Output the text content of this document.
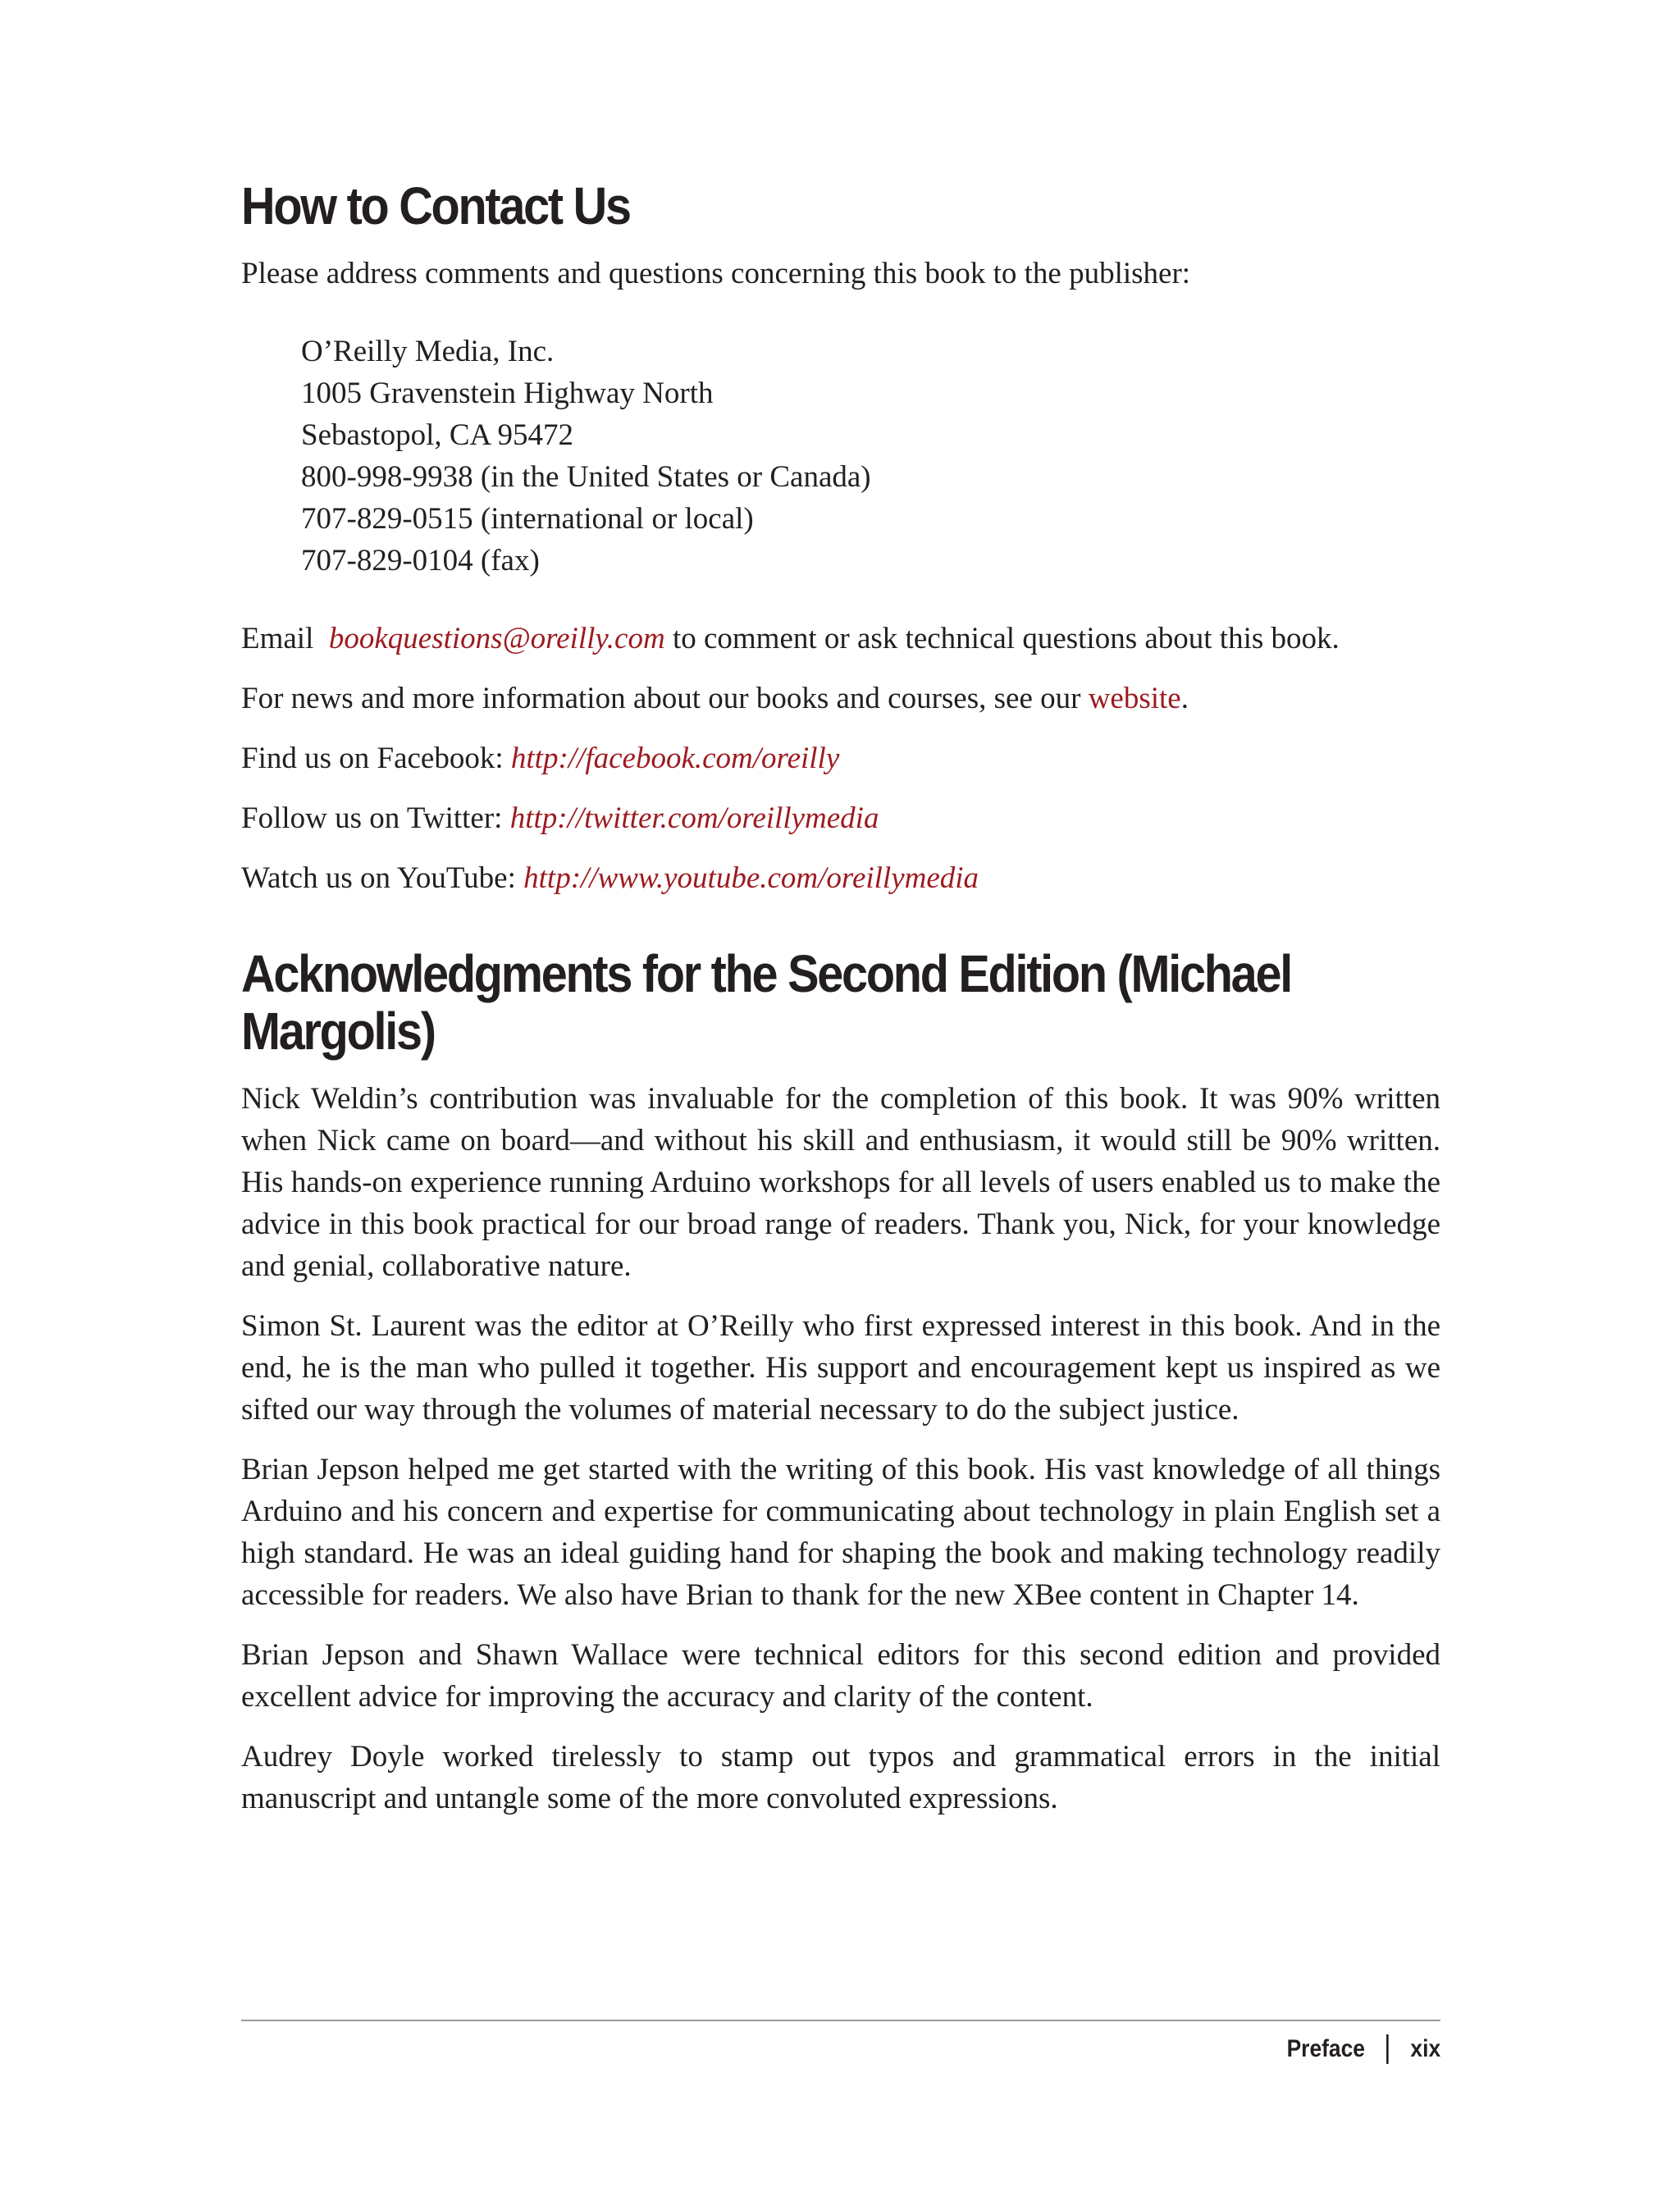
How to Contact Us

Please address comments and questions concerning this book to the publisher:

O’Reilly Media, Inc.
1005 Gravenstein Highway North
Sebastopol, CA 95472
800-998-9938 (in the United States or Canada)
707-829-0515 (international or local)
707-829-0104 (fax)

Email bookquestions@oreilly.com to comment or ask technical questions about this book.

For news and more information about our books and courses, see our website.

Find us on Facebook: http://facebook.com/oreilly

Follow us on Twitter: http://twitter.com/oreillymedia

Watch us on YouTube: http://www.youtube.com/oreillymedia

Acknowledgments for the Second Edition (Michael Margolis)

Nick Weldin’s contribution was invaluable for the completion of this book. It was 90% written when Nick came on board—and without his skill and enthusiasm, it would still be 90% written. His hands-on experience running Arduino workshops for all levels of users enabled us to make the advice in this book practical for our broad range of readers. Thank you, Nick, for your knowledge and genial, collaborative nature.

Simon St. Laurent was the editor at O’Reilly who first expressed interest in this book. And in the end, he is the man who pulled it together. His support and encouragement kept us inspired as we sifted our way through the volumes of material necessary to do the subject justice.

Brian Jepson helped me get started with the writing of this book. His vast knowledge of all things Arduino and his concern and expertise for communicating about technology in plain English set a high standard. He was an ideal guiding hand for shaping the book and making technology readily accessible for readers. We also have Brian to thank for the new XBee content in Chapter 14.

Brian Jepson and Shawn Wallace were technical editors for this second edition and provided excellent advice for improving the accuracy and clarity of the content.

Audrey Doyle worked tirelessly to stamp out typos and grammatical errors in the initial manuscript and untangle some of the more convoluted expressions.

Preface xix
